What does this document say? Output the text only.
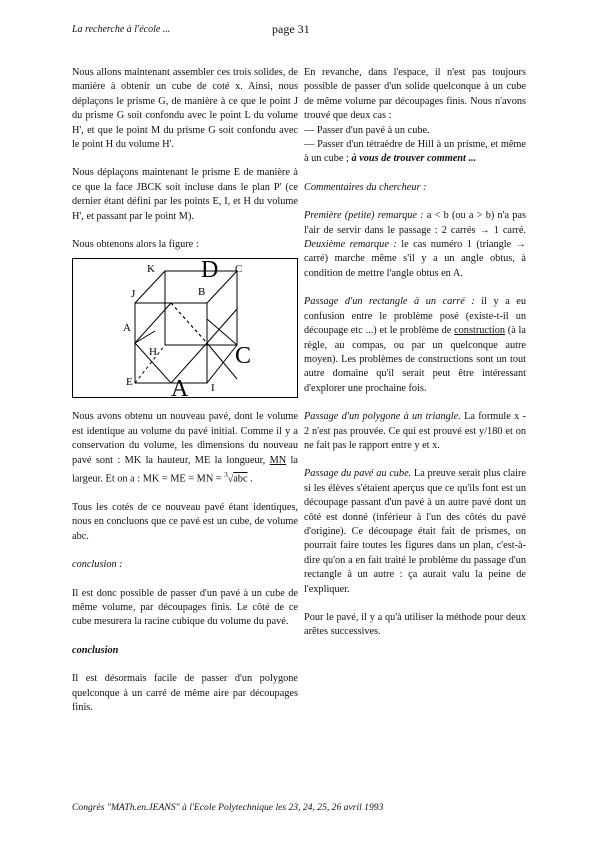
La recherche à l'école ...	page 31

Nous allons maintenant assembler ces trois solides, de manière à obtenir un cube de coté x. Ainsi, nous déplaçons le prisme G, de manière à ce que le point J du prisme G soit confondu avec le point L du volume H', et que le point M du prisme G soit confondu avec le point H du volume H'.

Nous déplaçons maintenant le prisme E de manière à ce que la face JBCK soit incluse dans le plan P' (ce dernier étant défini par les points E, I, et H du volume H', et passant par le point M).

Nous obtenons alors la figure :

K D C
J	B
A
H	C
E A I

Nous avons obtenu un nouveau pavé, dont le volume est identique au volume du pavé initial. Comme il y a conservation du volume, les dimensions du nouveau pavé sont : MK la hauteur, ME la longueur, MN la largeur. Et on a : MK = ME = MN = $^3$√abc .

Tous les cotés de ce nouveau pavé étant identiques, nous en concluons que ce pavé est un cube, de volume abc.

conclusion :

Il est donc possible de passer d'un pavé à un cube de même volume, par découpages finis. Le côté de ce cube mesurera la racine cubique du volume du pavé.

conclusion

Il est désormais facile de passer d'un polygone quelconque à un carré de même aire par découpages finis.

En revanche, dans l'espace, il n'est pas toujours possible de passer d'un solide quelconque à un cube de même volume par découpages finis. Nous n'avons trouvé que deux cas :

— Passer d'un pavé à un cube.

— Passer d'un tétraèdre de Hill à un prisme, et même à un cube ; à vous de trouver comment ...

Commentaires du chercheur :

Première (petite) remarque : a < b (ou a > b) n'a pas l'air de servir dans le passage : 2 carrés → 1 carré. Deuxième remarque : le cas numéro 1 (triangle → carré) marche même s'il y a un angle obtus, à condition de mettre l'angle obtus en A.

Passage d'un rectangle à un carré : il y a eu confusion entre le problème posé (existe-t-il un découpage etc ...) et le problème de construction (à la règle, au compas, ou par un quelconque autre moyen). Les problèmes de constructions sont un tout autre domaine qu'il serait peut être intéressant d'explorer une prochaine fois.

Passage d'un polygone à un triangle. La formule x - 2 n'est pas prouvée. Ce qui est prouvé est y/180 et on ne fait pas le rapport entre y et x.

Passage du pavé au cube. La preuve serait plus claire si les élèves s'étaient aperçus que ce qu'ils font est un découpage passant d'un pavé à un autre pavé dont un côté est donné (inférieur à l'un des côtés du pavé d'origine). Ce découpage était fait de prismes, on pourrait faire toutes les figures dans un plan, c'est-à-dire qu'on a en fait traité le problème du passage d'un rectangle à un autre : ça aurait valu la peine de l'expliquer.

Pour le pavé, il y a qu'à utiliser la méthode pour deux arêtes successives.

Congrès "MATh.en.JEANS" à l'Ecole Polytechnique les 23, 24, 25, 26 avril 1993
